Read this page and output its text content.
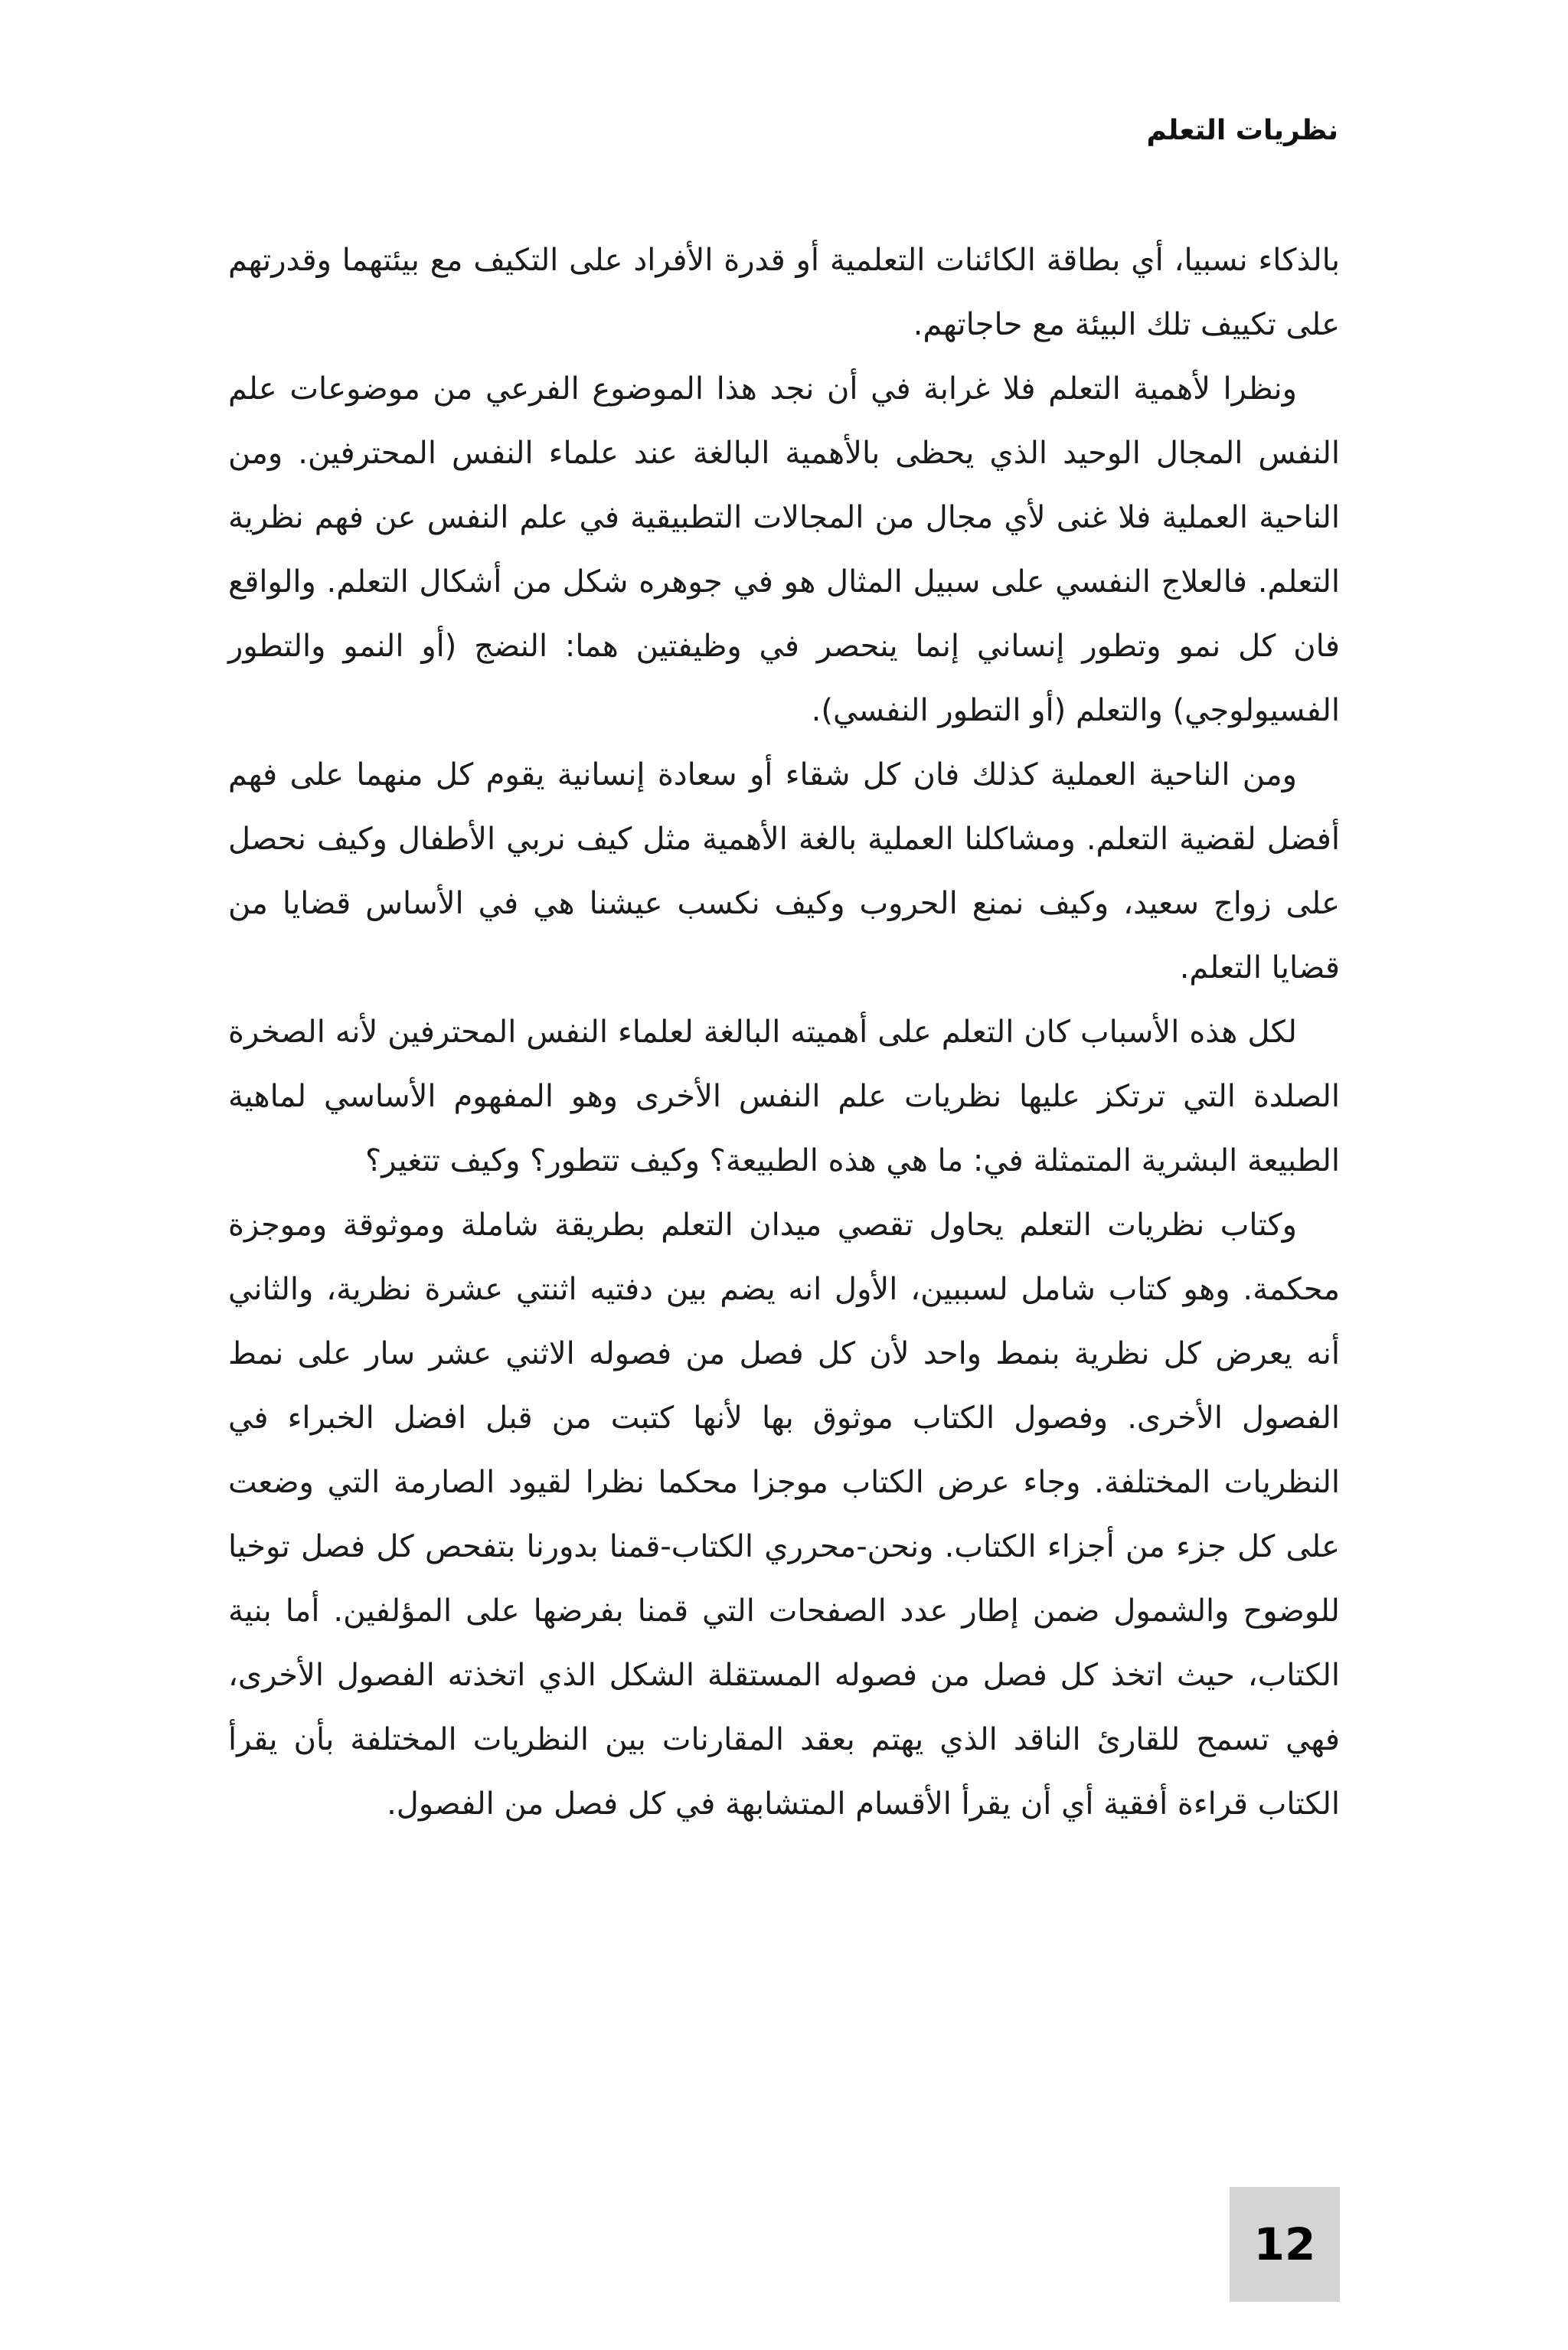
نظريات التعلم

بالذكاء نسبيا، أي بطاقة الكائنات التعلمية أو قدرة الأفراد على التكيف مع بيئتهما وقدرتهم على تكييف تلك البيئة مع حاجاتهم.

ونظرا لأهمية التعلم فلا غرابة في أن نجد هذا الموضوع الفرعي من موضوعات علم النفس المجال الوحيد الذي يحظى بالأهمية البالغة عند علماء النفس المحترفين. ومن الناحية العملية فلا غنى لأي مجال من المجالات التطبيقية في علم النفس عن فهم نظرية التعلم. فالعلاج النفسي على سبيل المثال هو في جوهره شكل من أشكال التعلم. والواقع فان كل نمو وتطور إنساني إنما ينحصر في وظيفتين هما: النضج (أو النمو والتطور الفسيولوجي) والتعلم (أو التطور النفسي).

ومن الناحية العملية كذلك فان كل شقاء أو سعادة إنسانية يقوم كل منهما على فهم أفضل لقضية التعلم. ومشاكلنا العملية بالغة الأهمية مثل كيف نربي الأطفال وكيف نحصل على زواج سعيد، وكيف نمنع الحروب وكيف نكسب عيشنا هي في الأساس قضايا من قضايا التعلم.

لكل هذه الأسباب كان التعلم على أهميته البالغة لعلماء النفس المحترفين لأنه الصخرة الصلدة التي ترتكز عليها نظريات علم النفس الأخرى وهو المفهوم الأساسي لماهية الطبيعة البشرية المتمثلة في: ما هي هذه الطبيعة؟ وكيف تتطور؟ وكيف تتغير؟

وكتاب نظريات التعلم يحاول تقصي ميدان التعلم بطريقة شاملة وموثوقة وموجزة محكمة. وهو كتاب شامل لسببين، الأول انه يضم بين دفتيه اثنتي عشرة نظرية، والثاني أنه يعرض كل نظرية بنمط واحد لأن كل فصل من فصوله الاثني عشر سار على نمط الفصول الأخرى. وفصول الكتاب موثوق بها لأنها كتبت من قبل افضل الخبراء في النظريات المختلفة. وجاء عرض الكتاب موجزا محكما نظرا لقيود الصارمة التي وضعت على كل جزء من أجزاء الكتاب. ونحن-محرري الكتاب-قمنا بدورنا بتفحص كل فصل توخيا للوضوح والشمول ضمن إطار عدد الصفحات التي قمنا بفرضها على المؤلفين. أما بنية الكتاب، حيث اتخذ كل فصل من فصوله المستقلة الشكل الذي اتخذته الفصول الأخرى، فهي تسمح للقارئ الناقد الذي يهتم بعقد المقارنات بين النظريات المختلفة بأن يقرأ الكتاب قراءة أفقية أي أن يقرأ الأقسام المتشابهة في كل فصل من الفصول.

12
